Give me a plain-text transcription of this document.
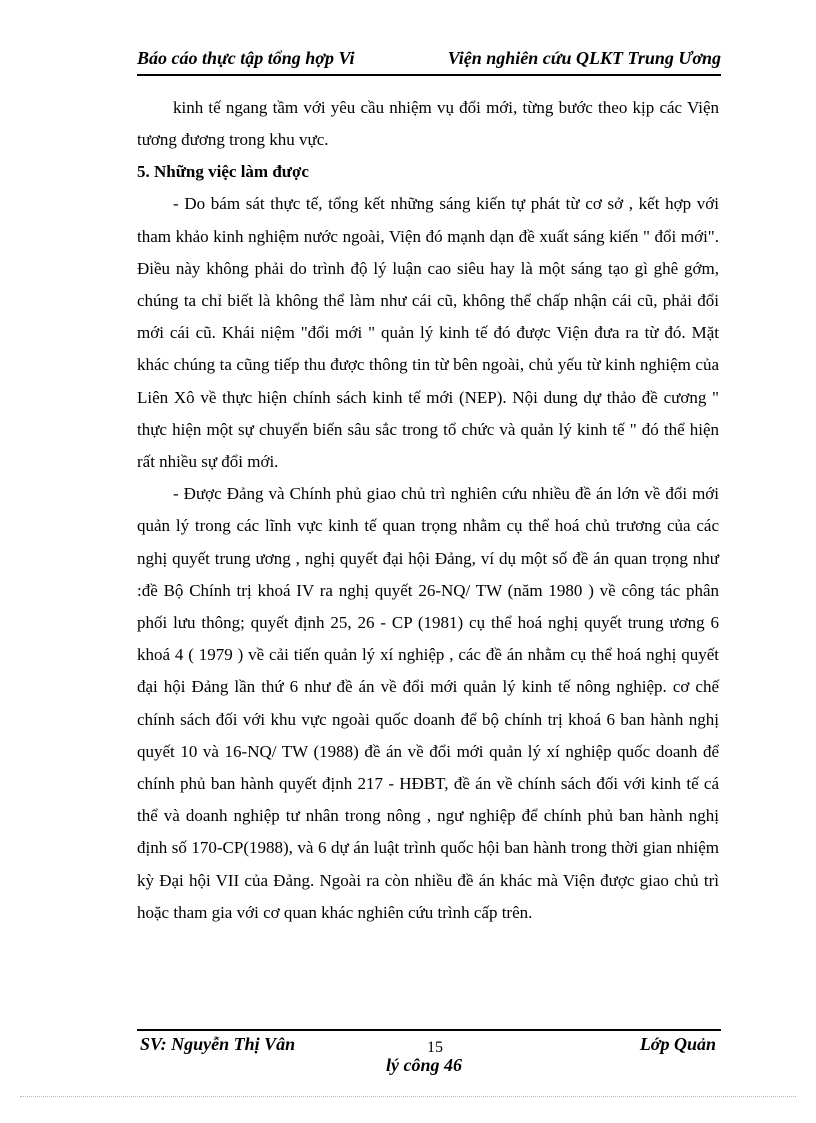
Báo cáo thực tập tổng hợp Vi	Viện nghiên cứu QLKT Trung Ương

kinh tế ngang tầm với yêu cầu nhiệm vụ đổi mới, từng bước theo kịp các Viện tương đương trong khu vực.

5. Những việc làm được

- Do bám sát thực tế, tổng kết những sáng kiến tự phát từ cơ sở , kết hợp với tham khảo kinh nghiệm nước ngoài, Viện đó mạnh dạn đề xuất sáng kiến " đổi mới". Điều này không phải do trình độ lý luận cao siêu hay là một sáng tạo gì ghê gớm, chúng ta chỉ biết là không thể làm như cái cũ, không thể chấp nhận cái cũ, phải đổi mới cái cũ. Khái niệm "đổi mới " quản lý kinh tế đó được Viện đưa ra từ đó. Mặt khác chúng ta cũng tiếp thu được thông tin từ bên ngoài, chủ yếu từ kinh nghiệm của Liên Xô về thực hiện chính sách kinh tế mới (NEP). Nội dung dự thảo đề cương " thực hiện một sự chuyển biến sâu sắc trong tổ chức và quản lý kinh tế " đó thể hiện rất nhiều sự đổi mới.

- Được Đảng và Chính phủ giao chủ trì nghiên cứu nhiều đề án lớn về đổi mới quản lý trong các lĩnh vực kinh tế quan trọng nhằm cụ thể hoá chủ trương của các nghị quyết trung ương , nghị quyết đại hội Đảng, ví dụ một số đề án quan trọng như :đề Bộ Chính trị khoá IV ra nghị quyết 26-NQ/ TW (năm 1980 ) về công tác phân phối lưu thông; quyết định 25, 26 - CP (1981) cụ thể hoá nghị quyết trung ương 6 khoá 4 ( 1979 ) về cải tiến quản lý xí nghiệp , các đề án nhằm cụ thể hoá nghị quyết đại hội Đảng lần thứ 6 như đề án về đổi mới quản lý kinh tế nông nghiệp. cơ chế chính sách đối với khu vực ngoài quốc doanh để bộ chính trị khoá 6 ban hành nghị quyết 10 và 16-NQ/ TW (1988) đề án về đổi mới quản lý xí nghiệp quốc doanh để chính phủ ban hành quyết định 217 - HĐBT, đề án về chính sách đối với kinh tế cá thể và doanh nghiệp tư nhân trong nông , ngư nghiệp để chính phủ ban hành nghị định số 170-CP(1988), và 6 dự án luật trình quốc hội ban hành trong thời gian nhiệm kỳ Đại hội VII của Đảng. Ngoài ra còn nhiều đề án khác mà Viện được giao chủ trì hoặc tham gia với cơ quan khác nghiên cứu trình cấp trên.

SV: Nguyễn Thị Vân	15	Lớp Quản
lý công 46
